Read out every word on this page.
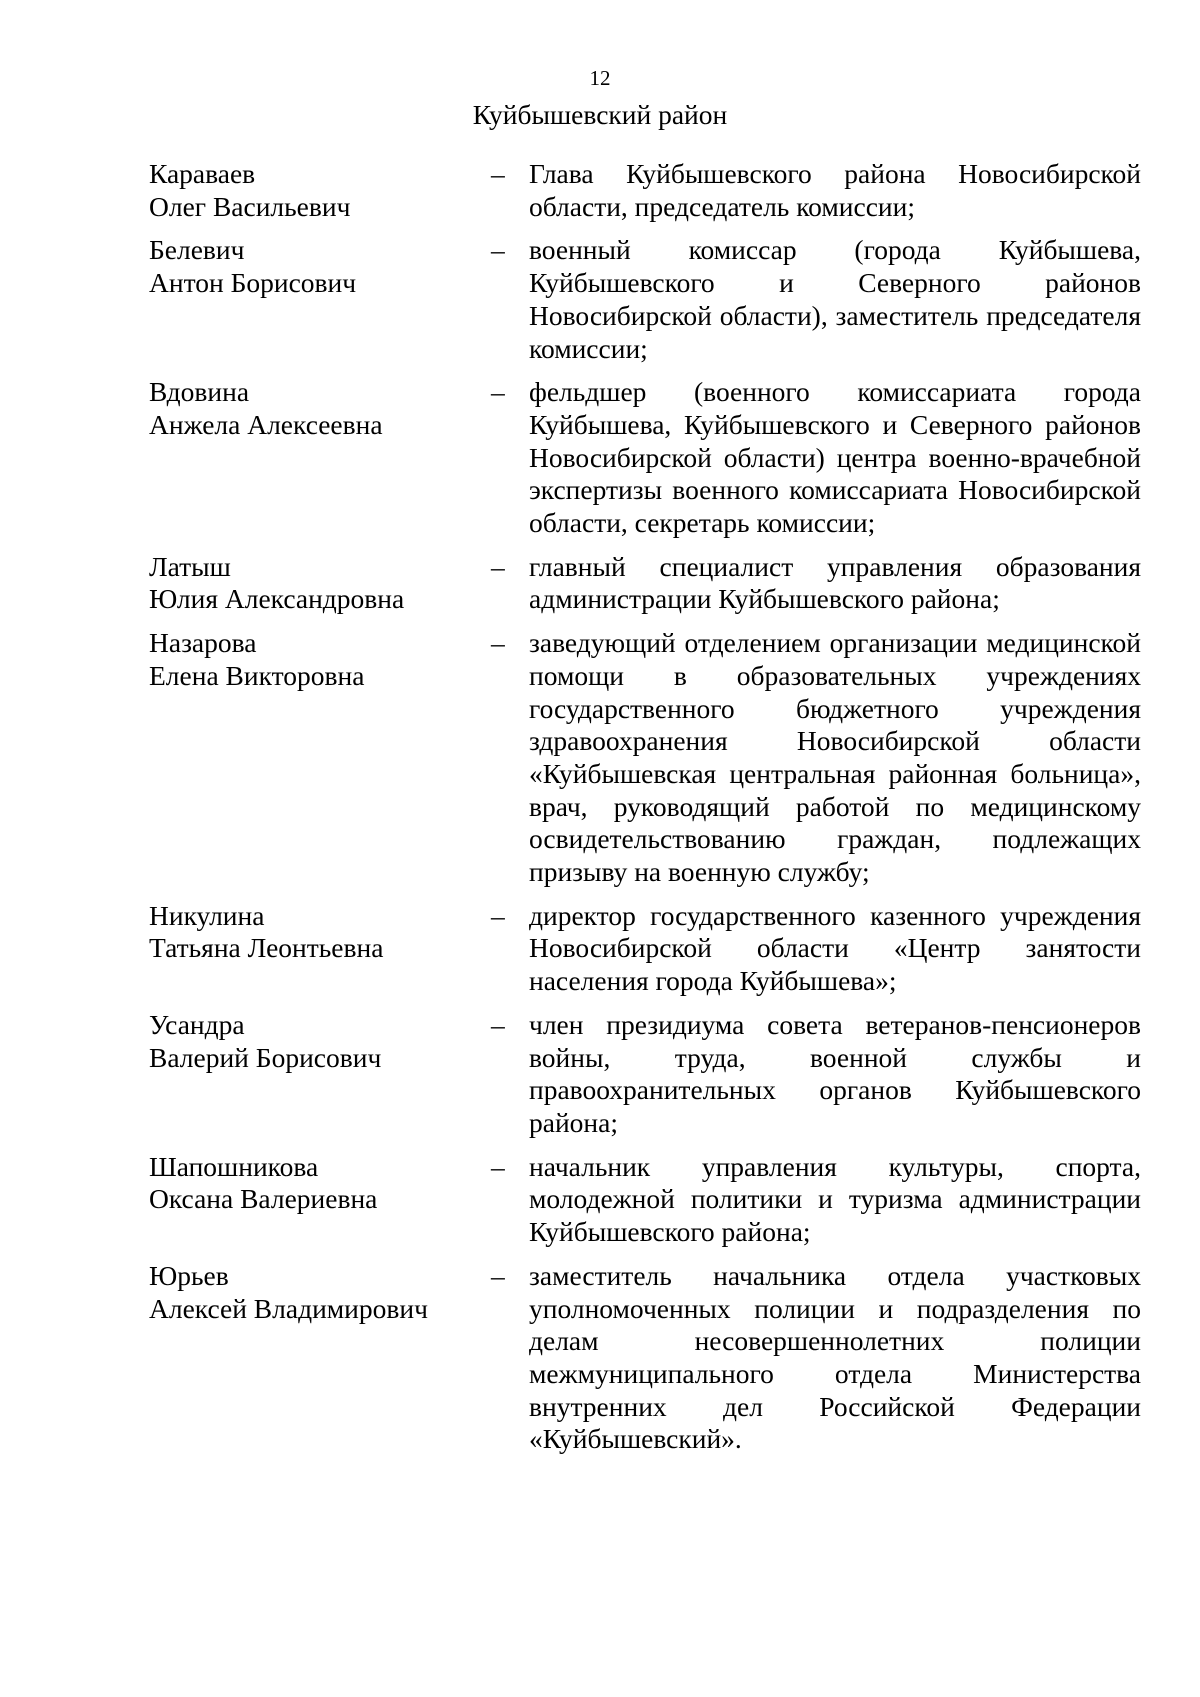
12
Куйбышевский район
Караваев
Олег Васильевич
– Глава Куйбышевского района Новосибирской области, председатель комиссии;
Белевич
Антон Борисович
– военный комиссар (города Куйбышева, Куйбышевского и Северного районов Новосибирской области), заместитель председателя комиссии;
Вдовина
Анжела Алексеевна
– фельдшер (военного комиссариата города Куйбышева, Куйбышевского и Северного районов Новосибирской области) центра военно-врачебной экспертизы военного комиссариата Новосибирской области, секретарь комиссии;
Латыш
Юлия Александровна
– главный специалист управления образования администрации Куйбышевского района;
Назарова
Елена Викторовна
– заведующий отделением организации медицинской помощи в образовательных учреждениях государственного бюджетного учреждения здравоохранения Новосибирской области «Куйбышевская центральная районная больница», врач, руководящий работой по медицинскому освидетельствованию граждан, подлежащих призыву на военную службу;
Никулина
Татьяна Леонтьевна
– директор государственного казенного учреждения Новосибирской области «Центр занятости населения города Куйбышева»;
Усандра
Валерий Борисович
– член президиума совета ветеранов-пенсионеров войны, труда, военной службы и правоохранительных органов Куйбышевского района;
Шапошникова
Оксана Валериевна
– начальник управления культуры, спорта, молодежной политики и туризма администрации Куйбышевского района;
Юрьев
Алексей Владимирович
– заместитель начальника отдела участковых уполномоченных полиции и подразделения по делам несовершеннолетних полиции межмуниципального отдела Министерства внутренних дел Российской Федерации «Куйбышевский».
